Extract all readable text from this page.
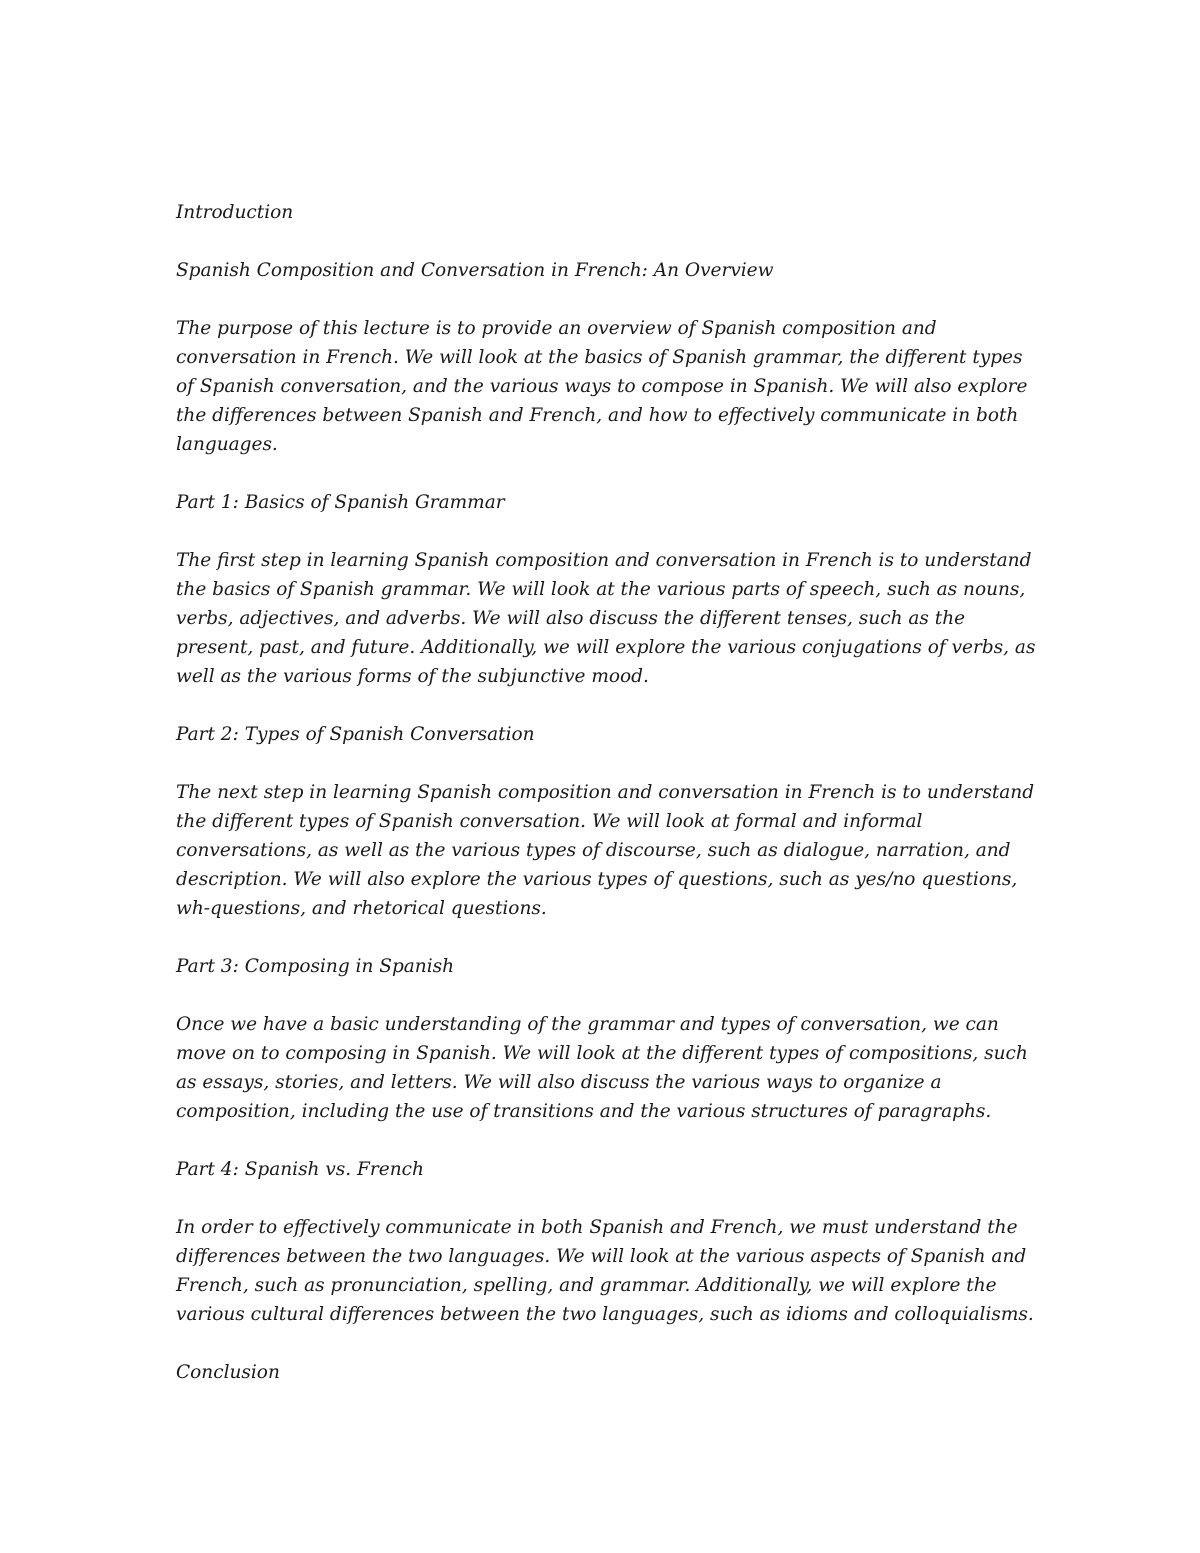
Introduction

Spanish Composition and Conversation in French: An Overview

The purpose of this lecture is to provide an overview of Spanish composition and conversation in French. We will look at the basics of Spanish grammar, the different types of Spanish conversation, and the various ways to compose in Spanish. We will also explore the differences between Spanish and French, and how to effectively communicate in both languages.

Part 1: Basics of Spanish Grammar

The first step in learning Spanish composition and conversation in French is to understand the basics of Spanish grammar. We will look at the various parts of speech, such as nouns, verbs, adjectives, and adverbs. We will also discuss the different tenses, such as the present, past, and future. Additionally, we will explore the various conjugations of verbs, as well as the various forms of the subjunctive mood.

Part 2: Types of Spanish Conversation

The next step in learning Spanish composition and conversation in French is to understand the different types of Spanish conversation. We will look at formal and informal conversations, as well as the various types of discourse, such as dialogue, narration, and description. We will also explore the various types of questions, such as yes/no questions, wh-questions, and rhetorical questions.

Part 3: Composing in Spanish

Once we have a basic understanding of the grammar and types of conversation, we can move on to composing in Spanish. We will look at the different types of compositions, such as essays, stories, and letters. We will also discuss the various ways to organize a composition, including the use of transitions and the various structures of paragraphs.

Part 4: Spanish vs. French

In order to effectively communicate in both Spanish and French, we must understand the differences between the two languages. We will look at the various aspects of Spanish and French, such as pronunciation, spelling, and grammar. Additionally, we will explore the various cultural differences between the two languages, such as idioms and colloquialisms.

Conclusion
